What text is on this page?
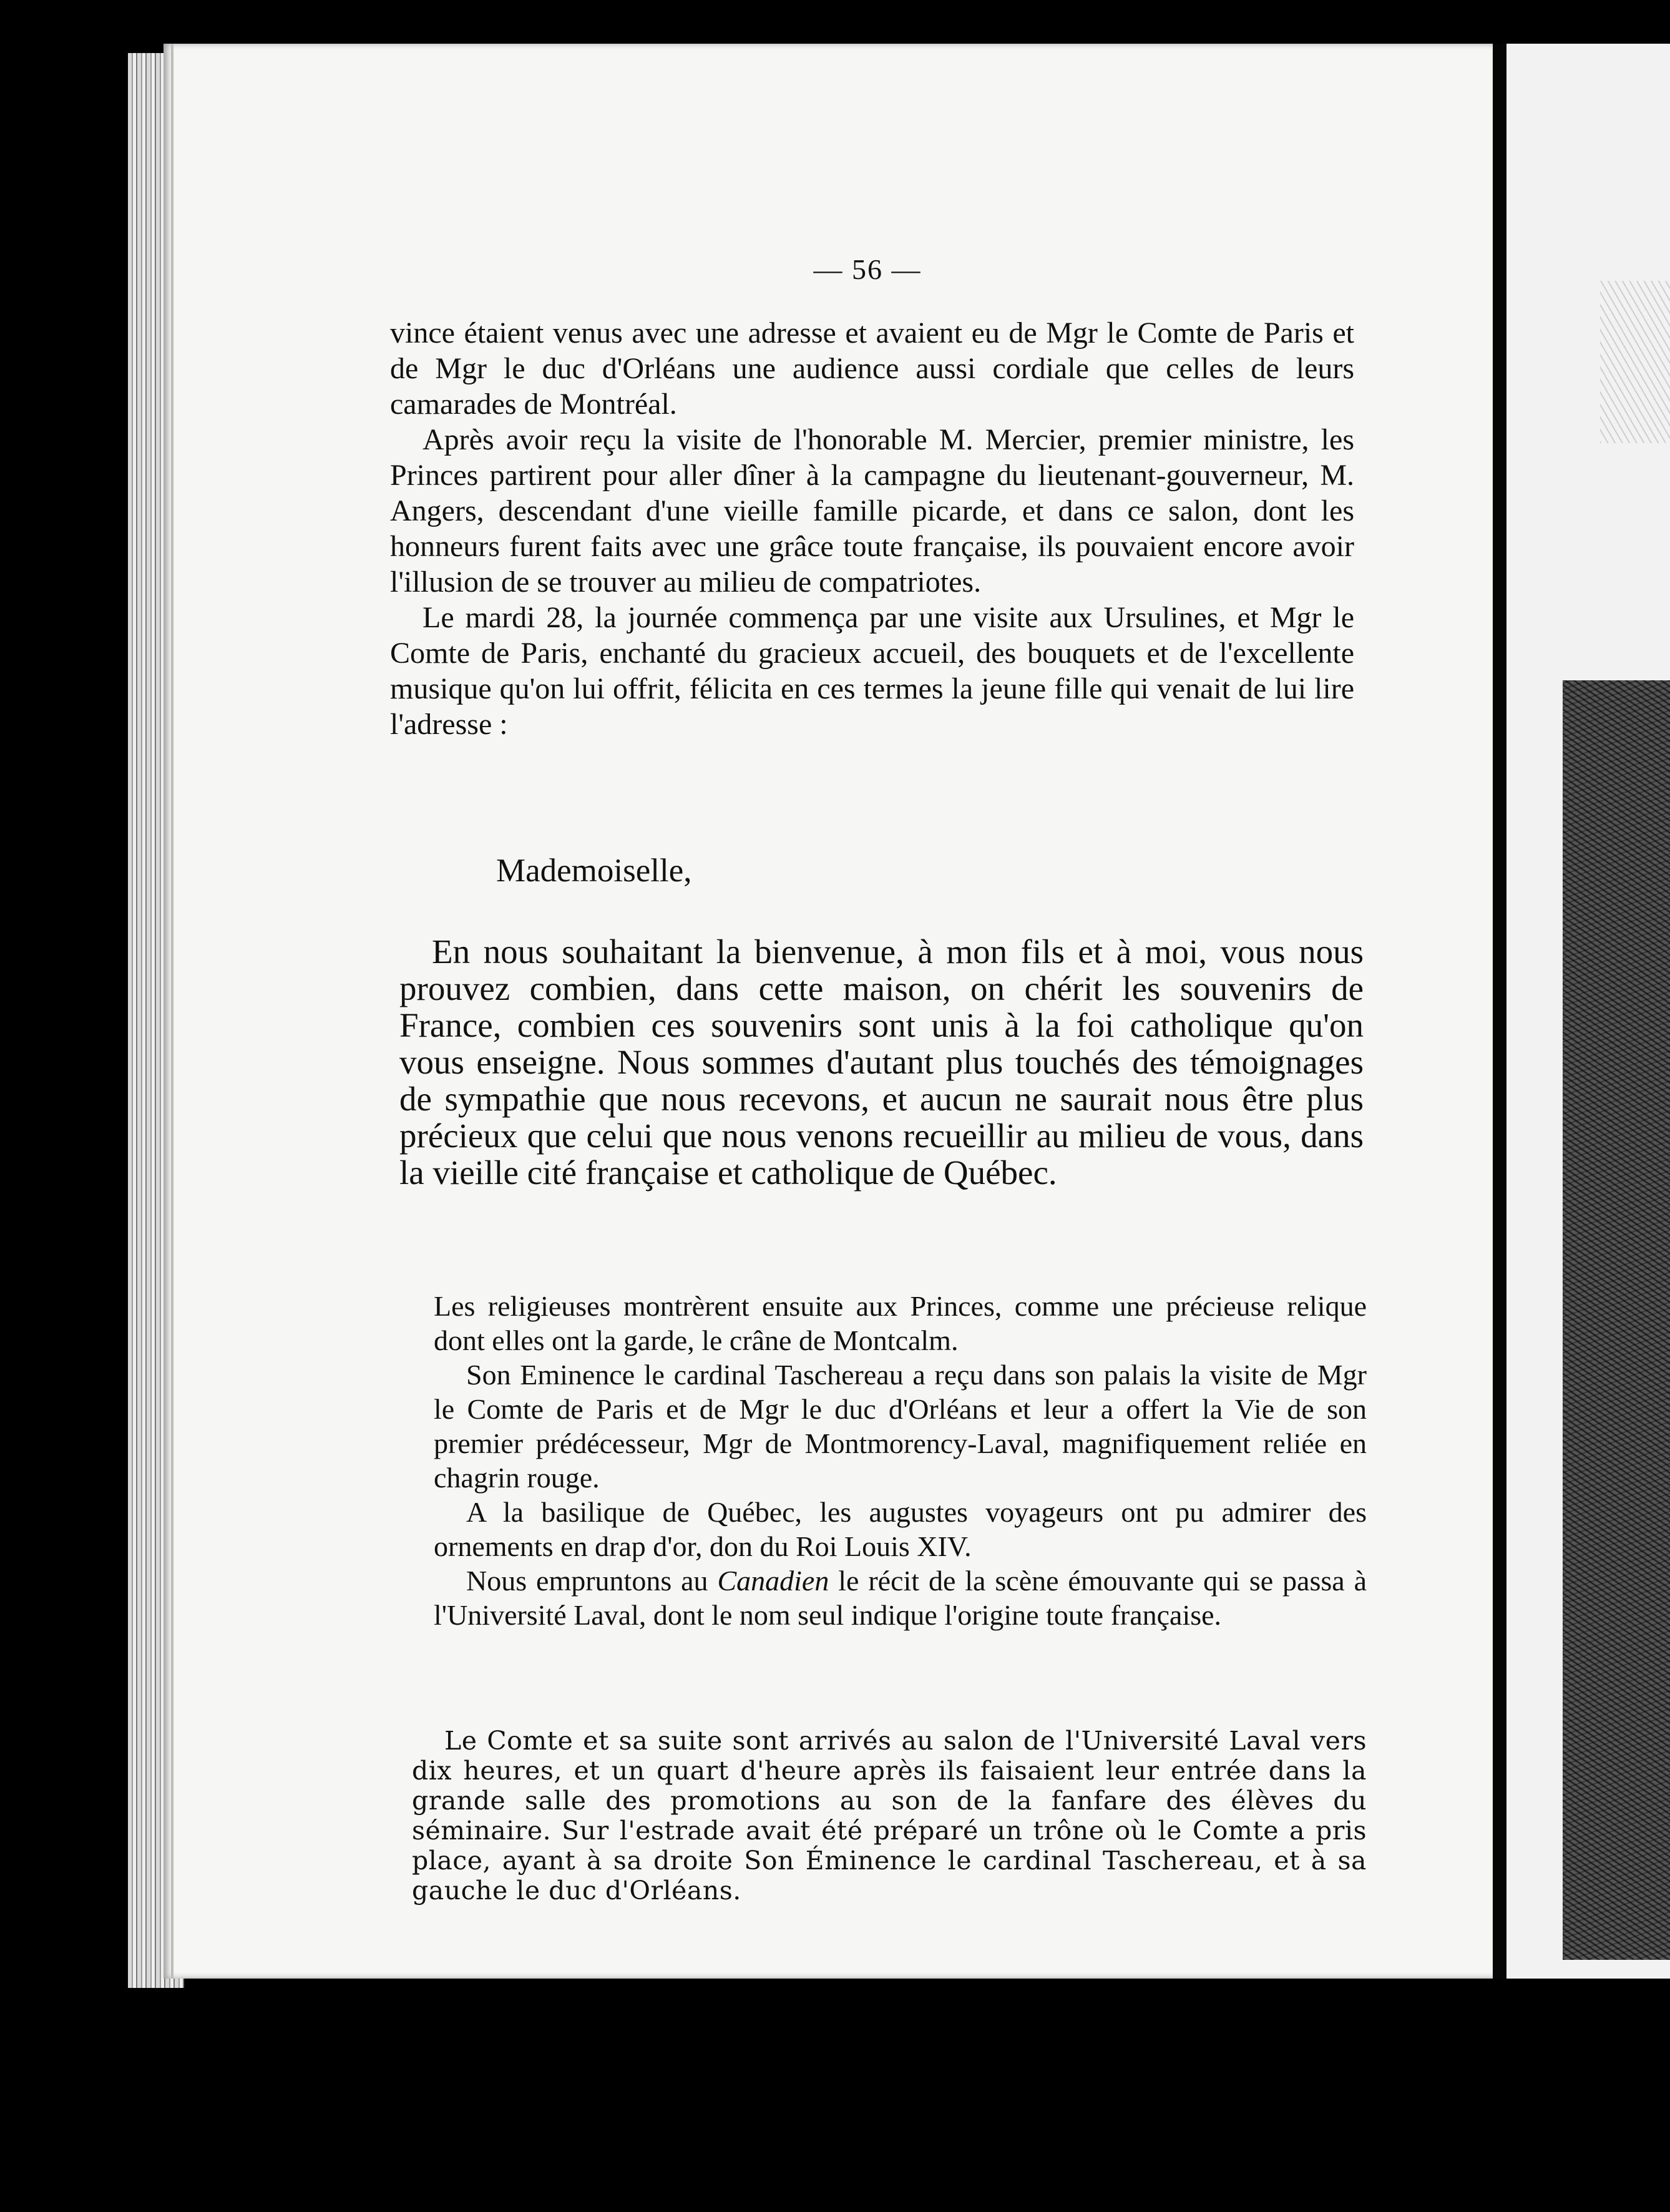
— 56 —

vince étaient venus avec une adresse et avaient eu de Mgr le Comte de Paris et de Mgr le duc d'Orléans une audience aussi cordiale que celles de leurs camarades de Montréal.

Après avoir reçu la visite de l'honorable M. Mercier, premier ministre, les Princes partirent pour aller dîner à la campagne du lieutenant-gouverneur, M. Angers, descendant d'une vieille famille picarde, et dans ce salon, dont les honneurs furent faits avec une grâce toute française, ils pouvaient encore avoir l'illusion de se trouver au milieu de compatriotes.

Le mardi 28, la journée commença par une visite aux Ursulines, et Mgr le Comte de Paris, enchanté du gracieux accueil, des bouquets et de l'excellente musique qu'on lui offrit, félicita en ces termes la jeune fille qui venait de lui lire l'adresse :

Mademoiselle,

En nous souhaitant la bienvenue, à mon fils et à moi, vous nous prouvez combien, dans cette maison, on chérit les souvenirs de France, combien ces souvenirs sont unis à la foi catholique qu'on vous enseigne. Nous sommes d'autant plus touchés des témoignages de sympathie que nous recevons, et aucun ne saurait nous être plus précieux que celui que nous venons recueillir au milieu de vous, dans la vieille cité française et catholique de Québec.

Les religieuses montrèrent ensuite aux Princes, comme une précieuse relique dont elles ont la garde, le crâne de Montcalm.

Son Eminence le cardinal Taschereau a reçu dans son palais la visite de Mgr le Comte de Paris et de Mgr le duc d'Orléans et leur a offert la Vie de son premier prédécesseur, Mgr de Montmorency-Laval, magnifiquement reliée en chagrin rouge.

A la basilique de Québec, les augustes voyageurs ont pu admirer des ornements en drap d'or, don du Roi Louis XIV.

Nous empruntons au Canadien le récit de la scène émouvante qui se passa à l'Université Laval, dont le nom seul indique l'origine toute française.

Le Comte et sa suite sont arrivés au salon de l'Université Laval vers dix heures, et un quart d'heure après ils faisaient leur entrée dans la grande salle des promotions au son de la fanfare des élèves du séminaire. Sur l'estrade avait été préparé un trône où le Comte a pris place, ayant à sa droite Son Éminence le cardinal Taschereau, et à sa gauche le duc d'Orléans.
